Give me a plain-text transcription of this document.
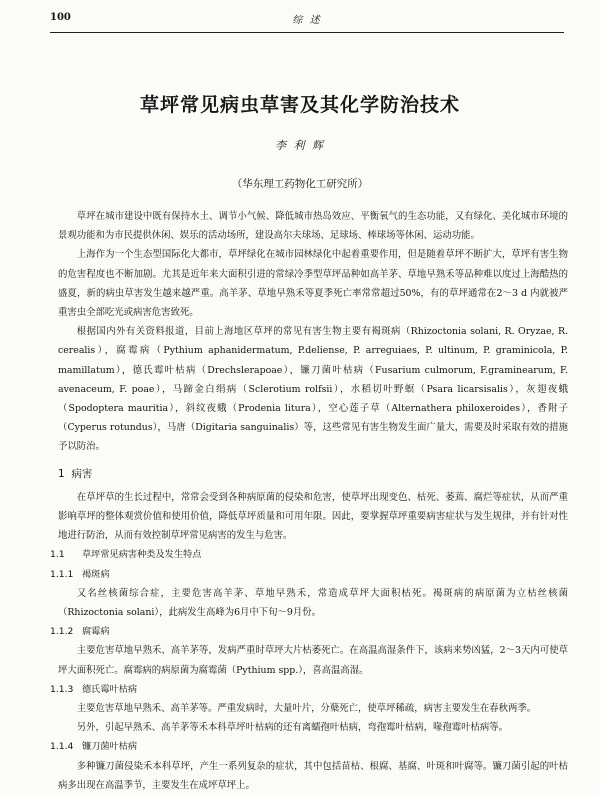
100	综 述
草坪常见病虫草害及其化学防治技术
李 利 辉
（华东理工药物化工研究所）

草坪在城市建设中既有保持水土、调节小气候、降低城市热岛效应、平衡氧气的生态功能，又有绿化、美化城市环境的景观功能和为市民提供休闲、娱乐的活动场所，建设高尔夫球场、足球场、棒球场等休闲、运动功能。

上海作为一个生态型国际化大都市，草坪绿化在城市园林绿化中起着重要作用，但是随着草坪不断扩大，草坪有害生物的危害程度也不断加剧。尤其是近年来大面积引进的常绿冷季型草坪品种如高羊茅、草地早熟禾等品种难以度过上海酷热的盛夏，新的病虫草害发生越来越严重。高羊茅、草地早熟禾等夏季死亡率常常超过50%，有的草坪通常在2～3 d 内就被严重害虫全部吃光或病害危害致死。

根据国内外有关资料报道，目前上海地区草坪的常见有害生物主要有褐斑病（Rhizoctonia solani, R. Oryzae, R. cerealis），腐霉病（Pythium aphanidermatum, P.deliense, P. arreguiaes, P. ultinum, P. graminicola, P. mamillatum），德氏霉叶枯病（Drechslerapoae），镰刀菌叶枯病（Fusarium culmorum, F.graminearum, F. avenaceum, F. poae），马蹄金白绢病（Sclerotium rolfsii），水稻切叶野螟（Psara licarsisalis），灰翅夜蛾（Spodoptera mauritia），斜纹夜蛾（Prodenia litura），空心莲子草（Alternathera philoxeroides），香附子（Cyperus rotundus），马唐（Digitaria sanguinalis）等，这些常见有害生物发生面广量大，需要及时采取有效的措施予以防治。

1 病害

在草坪草的生长过程中，常常会受到各种病原菌的侵染和危害，使草坪出现变色、枯死、萎蔫、腐烂等症状，从而严重影响草坪的整体观赏价值和使用价值，降低草坪质量和可用年限。因此，要掌握草坪重要病害症状与发生规律，并有针对性地进行防治，从而有效控制草坪常见病害的发生与危害。

1.1 草坪常见病害种类及发生特点
1.1.1 褐斑病

又名丝核菌综合症，主要危害高羊茅、草地早熟禾，常造成草坪大面积枯死。褐斑病的病原菌为立枯丝核菌（Rhizoctonia solani），此病发生高峰为6月中下旬～9月份。

1.1.2 腐霉病

主要危害草地早熟禾、高羊茅等，发病严重时草坪大片枯萎死亡。在高温高湿条件下，该病来势凶猛，2～3天内可使草坪大面积死亡。腐霉病的病原菌为腐霉菌（Pythium spp.），喜高温高湿。

1.1.3 德氏霉叶枯病

主要危害草地早熟禾、高羊茅等。严重发病时，大量叶片，分蘖死亡，使草坪稀疏，病害主要发生在春秋两季。

另外，引起早熟禾、高羊茅等禾本科草坪叶枯病的还有离蠕孢叶枯病，弯孢霉叶枯病，喙孢霉叶枯病等。

1.1.4 镰刀菌叶枯病

多种镰刀菌侵染禾本科草坪，产生一系列复杂的症状，其中包括苗枯、根腐、基腐、叶斑和叶腐等。镰刀菌引起的叶枯病多出现在高温季节，主要发生在成坪草坪上。
